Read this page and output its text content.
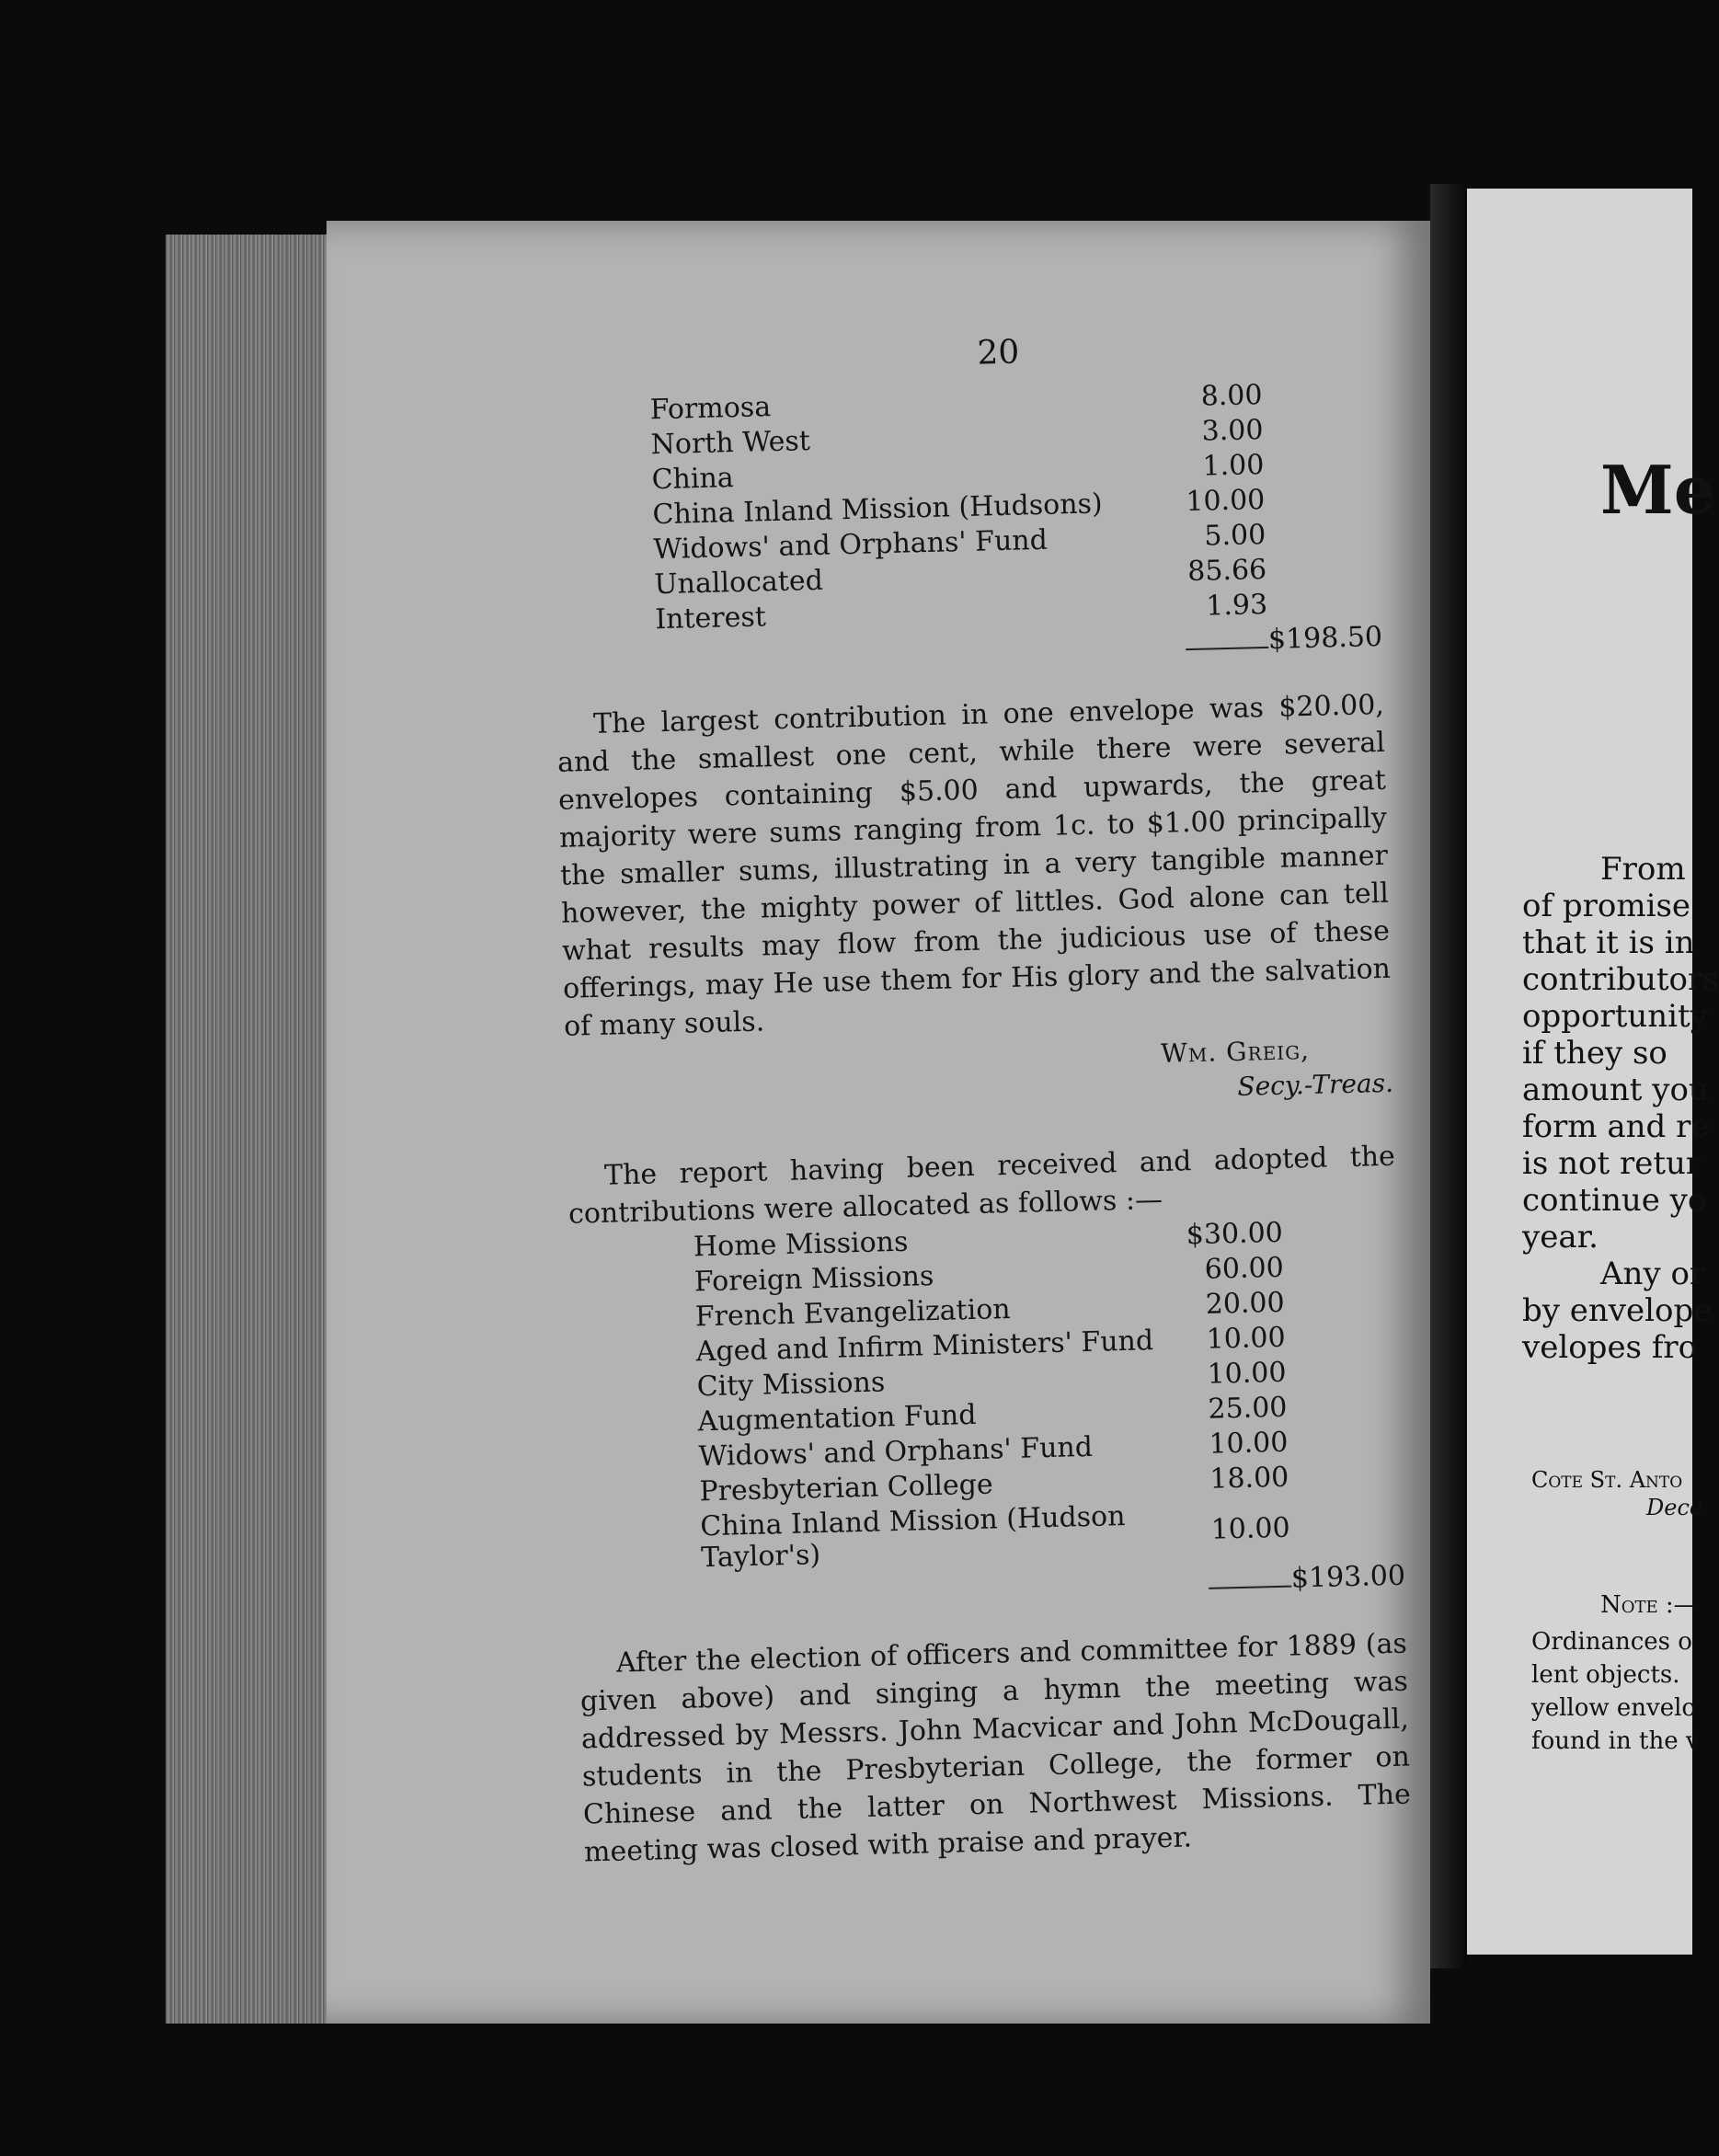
20
Formosa	8.00	
North West	3.00	
China	1.00	
China Inland Mission (Hudsons)	10.00	
Widows' and Orphans' Fund	5.00	
Unallocated	85.66	
Interest	1.93	
		$198.50

The largest contribution in one envelope was $20.00, and the smallest one cent, while there were several envelopes containing $5.00 and upwards, the great majority were sums ranging from 1c. to $1.00 principally the smaller sums, illustrating in a very tangible manner however, the mighty power of littles. God alone can tell what results may flow from the judicious use of these offerings, may He use them for His glory and the salvation of many souls.

Wm. Greig,
Secy.-Treas.

The report having been received and adopted the contributions were allocated as follows :—

Home Missions	$30.00	
Foreign Missions	60.00	
French Evangelization	20.00	
Aged and Infirm Ministers' Fund	10.00	
City Missions	10.00	
Augmentation Fund	25.00	
Widows' and Orphans' Fund	10.00	
Presbyterian College	18.00	
China Inland Mission (Hudson Taylor's)	10.00	
		$193.00

After the election of officers and committee for 1889 (as given above) and singing a hymn the meeting was addressed by Messrs. John Macvicar and John McDougall, students in the Presbyterian College, the former on Chinese and the latter on Northwest Missions. The meeting was closed with praise and prayer.

Me
From
of promise
that it is in
contributors
opportunity
if they so
amount you
form and re
is not retur
continue yo
year.
Any or
by envelope
velopes fro
Cote St. Anto
Dece
Note :—
Ordinances o
lent objects.
yellow envelo
found in the v
